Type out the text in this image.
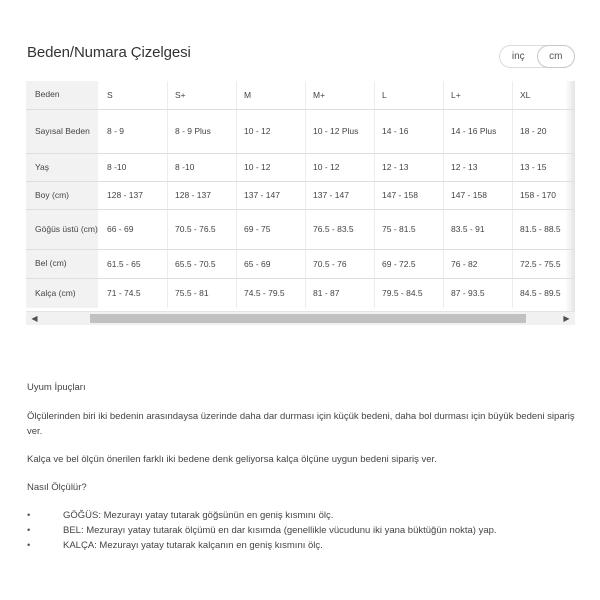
Beden/Numara Çizelgesi	inç	cm
Beden	S	S+	M	M+	L	L+	XL
Sayısal Beden	8 - 9	8 - 9 Plus	10 - 12	10 - 12 Plus	14 - 16	14 - 16 Plus	18 - 20
Yaş	8 -10	8 -10	10 - 12	10 - 12	12 - 13	12 - 13	13 - 15
Boy (cm)	128 - 137	128 - 137	137 - 147	137 - 147	147 - 158	147 - 158	158 - 170
Göğüs üstü (cm)	66 - 69	70.5 - 76.5	69 - 75	76.5 - 83.5	75 - 81.5	83.5 - 91	81.5 - 88.5
Bel (cm)	61.5 - 65	65.5 - 70.5	65 - 69	70.5 - 76	69 - 72.5	76 - 82	72.5 - 75.5
Kalça (cm)	71 - 74.5	75.5 - 81	74.5 - 79.5	81 - 87	79.5 - 84.5	87 - 93.5	84.5 - 89.5
◀	▶

Uyum İpuçları

Ölçülerinden biri iki bedenin arasındaysa üzerinde daha dar durması için küçük bedeni, daha bol durması için büyük bedeni sipariş ver.

Kalça ve bel ölçün önerilen farklı iki bedene denk geliyorsa kalça ölçüne uygun bedeni sipariş ver.

Nasıl Ölçülür?

• GÖĞÜS: Mezurayı yatay tutarak göğsünün en geniş kısmını ölç.
• BEL: Mezurayı yatay tutarak ölçümü en dar kısımda (genellikle vücudunu iki yana büktüğün nokta) yap.
• KALÇA: Mezurayı yatay tutarak kalçanın en geniş kısmını ölç.
